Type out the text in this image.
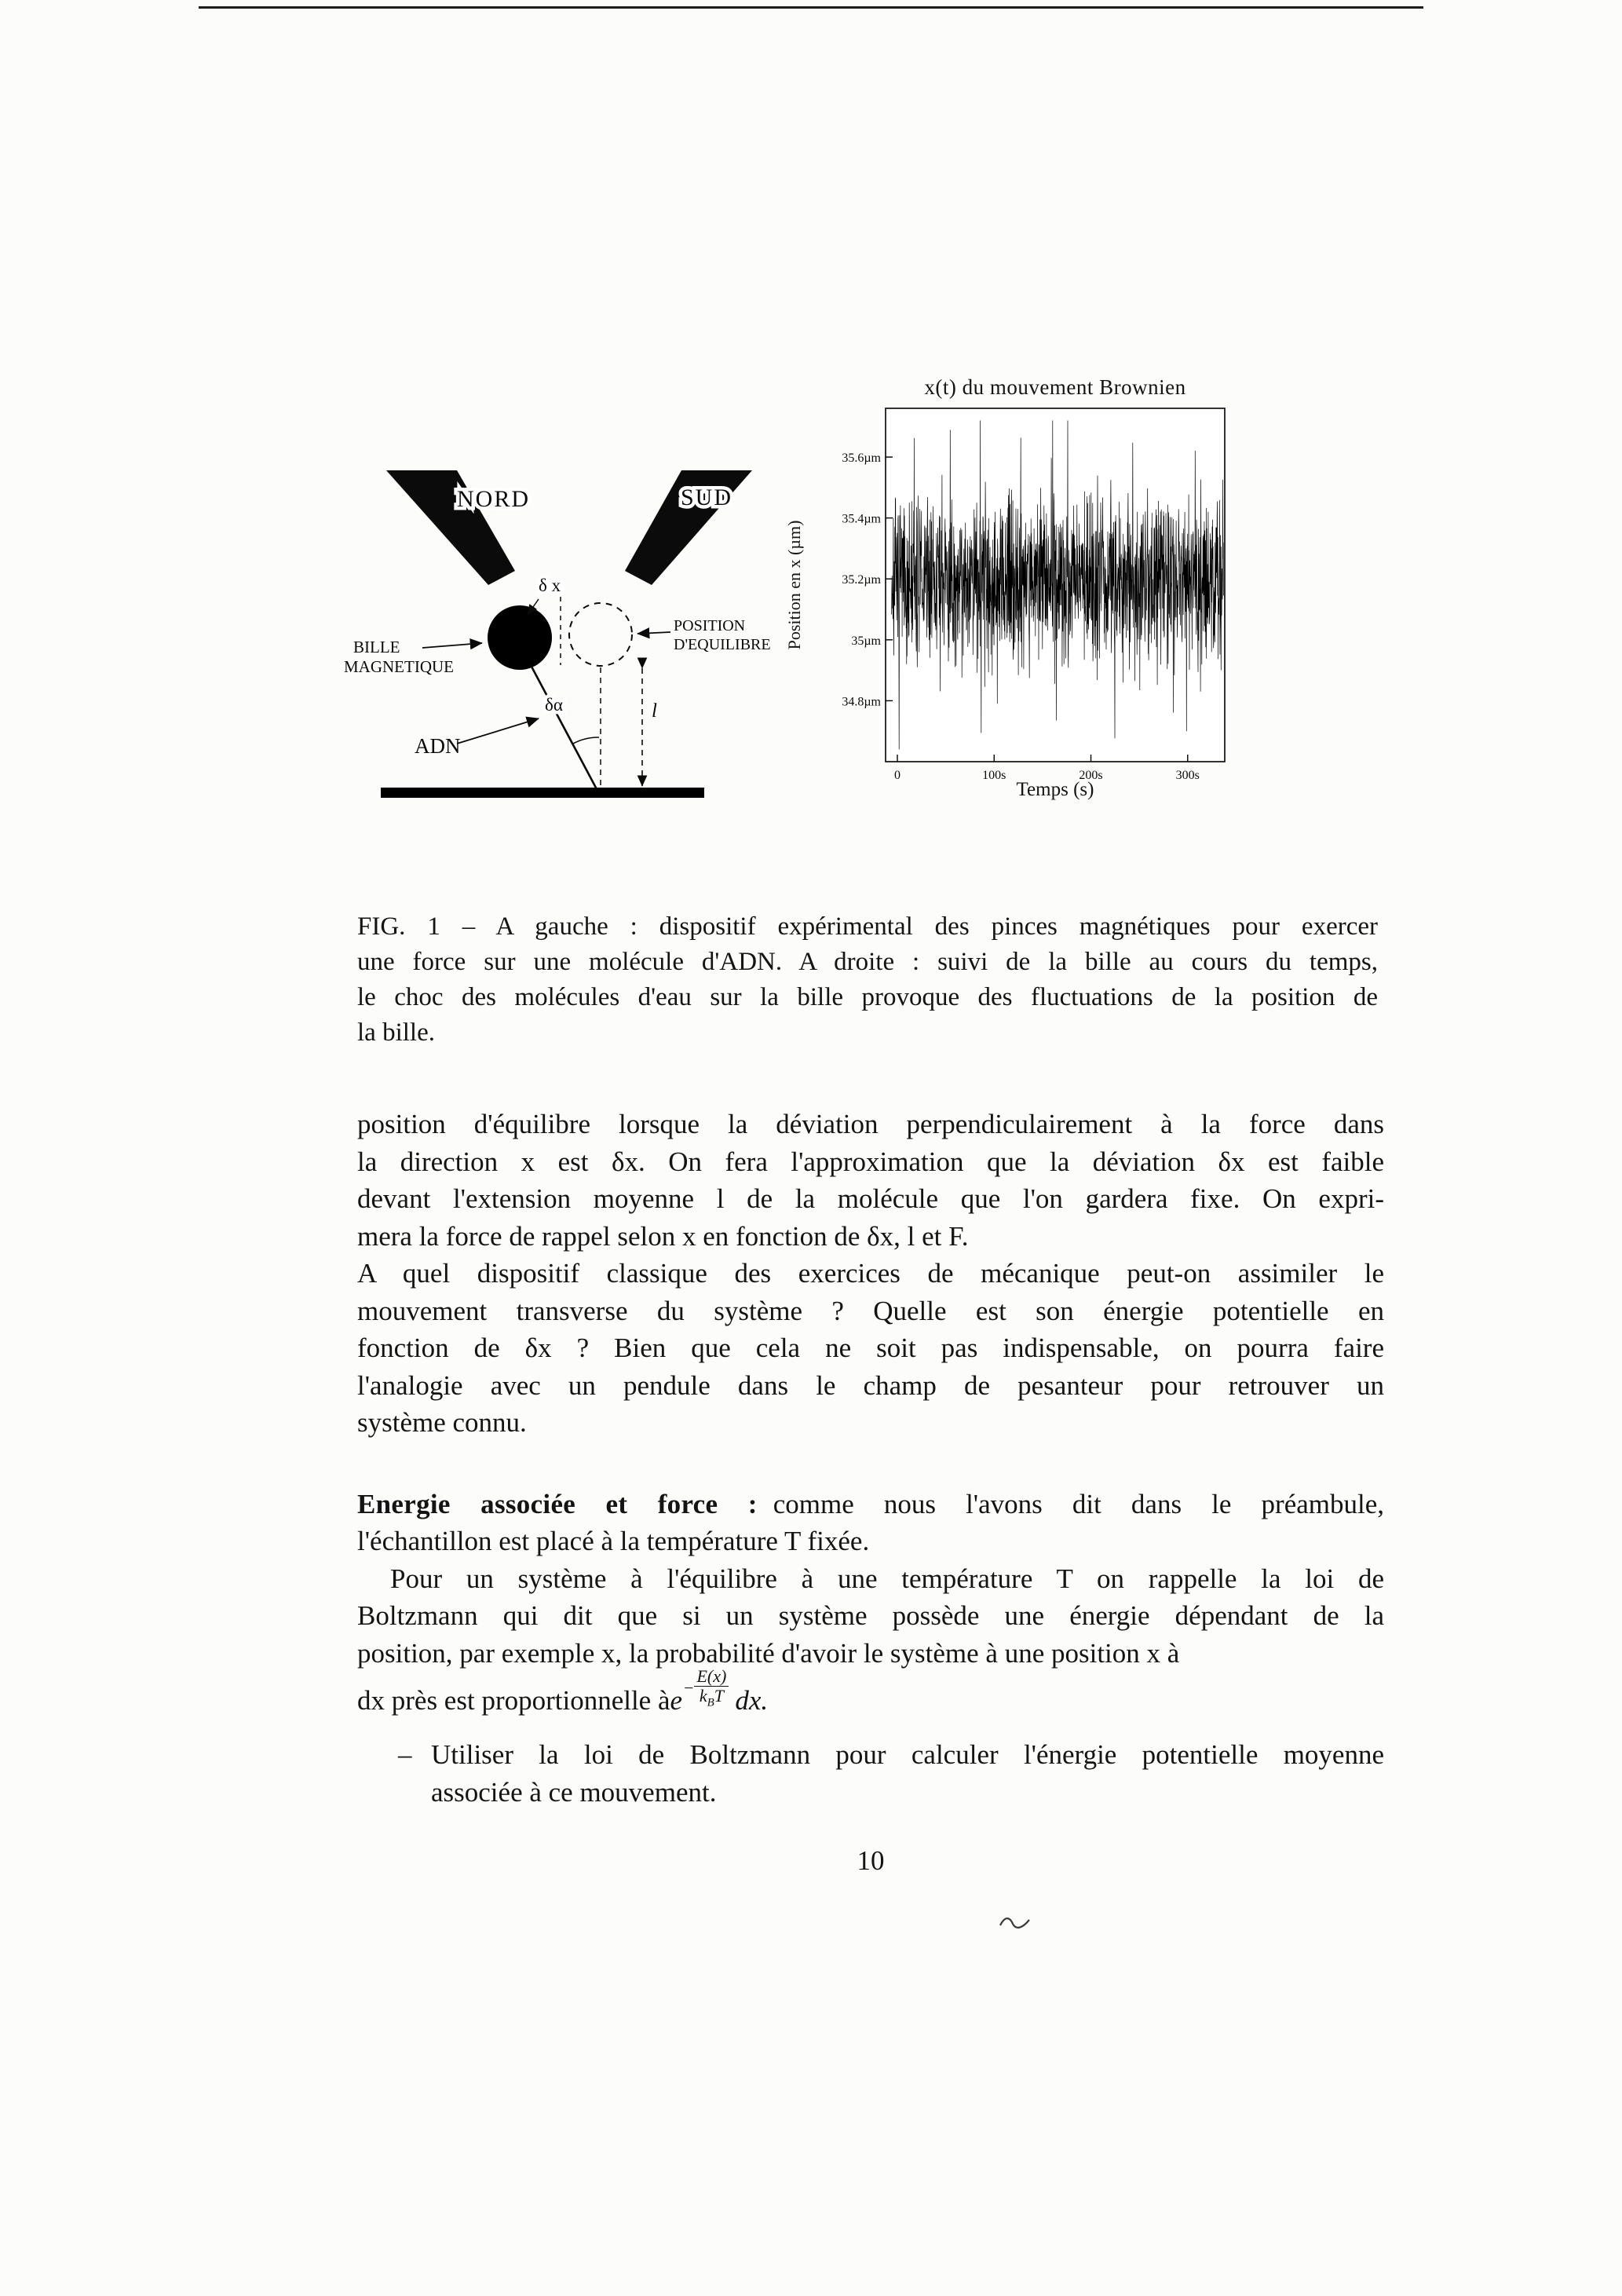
NORD	SUD
δ x
POSITION
D'EQUILIBRE
BILLE
MAGNETIQUE
ADN
δα	l
x(t) du mouvement Brownien
Position en x (µm)
35.6µm
35.4µm
35.2µm
35µm
34.8µm
0	100s	200s	300s
Temps (s)
FIG. 1 – A gauche : dispositif expérimental des pinces magnétiques pour exercer
une force sur une molécule d'ADN. A droite : suivi de la bille au cours du temps,
le choc des molécules d'eau sur la bille provoque des fluctuations de la position de
la bille.
position d'équilibre lorsque la déviation perpendiculairement à la force dans
la direction x est δx. On fera l'approximation que la déviation δx est faible
devant l'extension moyenne l de la molécule que l'on gardera fixe. On expri-
mera la force de rappel selon x en fonction de δx, l et F.
A quel dispositif classique des exercices de mécanique peut-on assimiler le
mouvement transverse du système ? Quelle est son énergie potentielle en
fonction de δx ? Bien que cela ne soit pas indispensable, on pourra faire
l'analogie avec un pendule dans le champ de pesanteur pour retrouver un
système connu.
Energie associée et force : comme nous l'avons dit dans le préambule,
l'échantillon est placé à la température T fixée.
Pour un système à l'équilibre à une température T on rappelle la loi de
Boltzmann qui dit que si un système possède une énergie dépendant de la
position, par exemple x, la probabilité d'avoir le système à une position x à
dx près est proportionnelle à $e - \frac{E(x)}{k_BT}$ dx.
– Utiliser la loi de Boltzmann pour calculer l'énergie potentielle moyenne
associée à ce mouvement.
10
